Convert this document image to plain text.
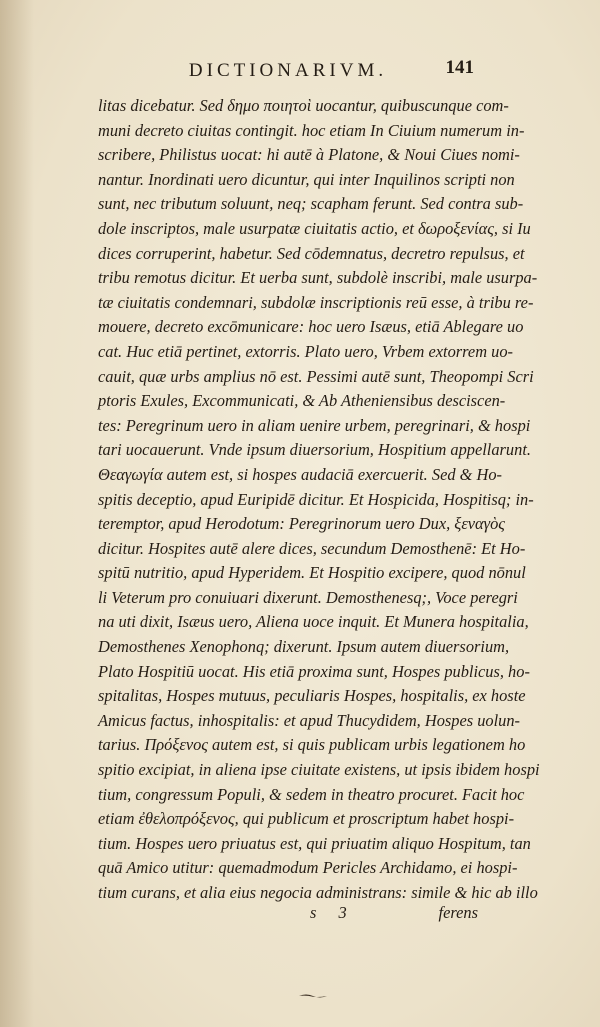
DICTIONARIVM.	141
litas dicebatur. Sed δημο ποιητοὶ uocantur, quibuscunque com-
muni decreto ciuitas contingit. hoc etiam In Ciuium numerum in-
scribere, Philistus uocat: hi autē à Platone, & Noui Ciues nomi-
nantur. Inordinati uero dicuntur, qui inter Inquilinos scripti non
sunt, nec tributum soluunt, neq; scapham ferunt. Sed contra sub-
dole inscriptos, male usurpatæ ciuitatis actio, et δωροξενίας, si Iu
dices corruperint, habetur. Sed cōdemnatus, decretro repulsus, et
tribu remotus dicitur. Et uerba sunt, subdolè inscribi, male usurpa-
tæ ciuitatis condemnari, subdolæ inscriptionis reū esse, à tribu re-
mouere, decreto excōmunicare: hoc uero Isæus, etiā Ablegare uo
cat. Huc etiā pertinet, extorris. Plato uero, Vrbem extorrem uo-
cauit, quæ urbs amplius nō est. Pessimi autē sunt, Theopompi Scri
ptoris Exules, Excommunicati, & Ab Atheniensibus desciscen-
tes: Peregrinum uero in aliam uenire urbem, peregrinari, & hospi
tari uocauerunt. Vnde ipsum diuersorium, Hospitium appellarunt.
Θεαγωγία autem est, si hospes audaciā exercuerit. Sed & Ho-
spitis deceptio, apud Euripidē dicitur. Et Hospicida, Hospitisq; in-
teremptor, apud Herodotum: Peregrinorum uero Dux, ξεναγὸς
dicitur. Hospites autē alere dices, secundum Demosthenē: Et Ho-
spitū nutritio, apud Hyperidem. Et Hospitio excipere, quod nōnul
li Veterum pro conuiuari dixerunt. Demosthenesq;, Voce peregri
na uti dixit, Isæus uero, Aliena uoce inquit. Et Munera hospitalia,
Demosthenes Xenophonq; dixerunt. Ipsum autem diuersorium,
Plato Hospitiū uocat. His etiā proxima sunt, Hospes publicus, ho-
spitalitas, Hospes mutuus, peculiaris Hospes, hospitalis, ex hoste
Amicus factus, inhospitalis: et apud Thucydidem, Hospes uolun-
tarius. Πρόξενος autem est, si quis publicam urbis legationem ho
spitio excipiat, in aliena ipse ciuitate existens, ut ipsis ibidem hospi
tium, congressum Populi, & sedem in theatro procuret. Facit hoc
etiam ἐθελοπρόξενος, qui publicum et proscriptum habet hospi-
tium. Hospes uero priuatus est, qui priuatim aliquo Hospitum, tan
quā Amico utitur: quemadmodum Pericles Archidamo, ei hospi-
tium curans, et alia eius negocia administrans: simile & hic ab illo
s 3	ferens
